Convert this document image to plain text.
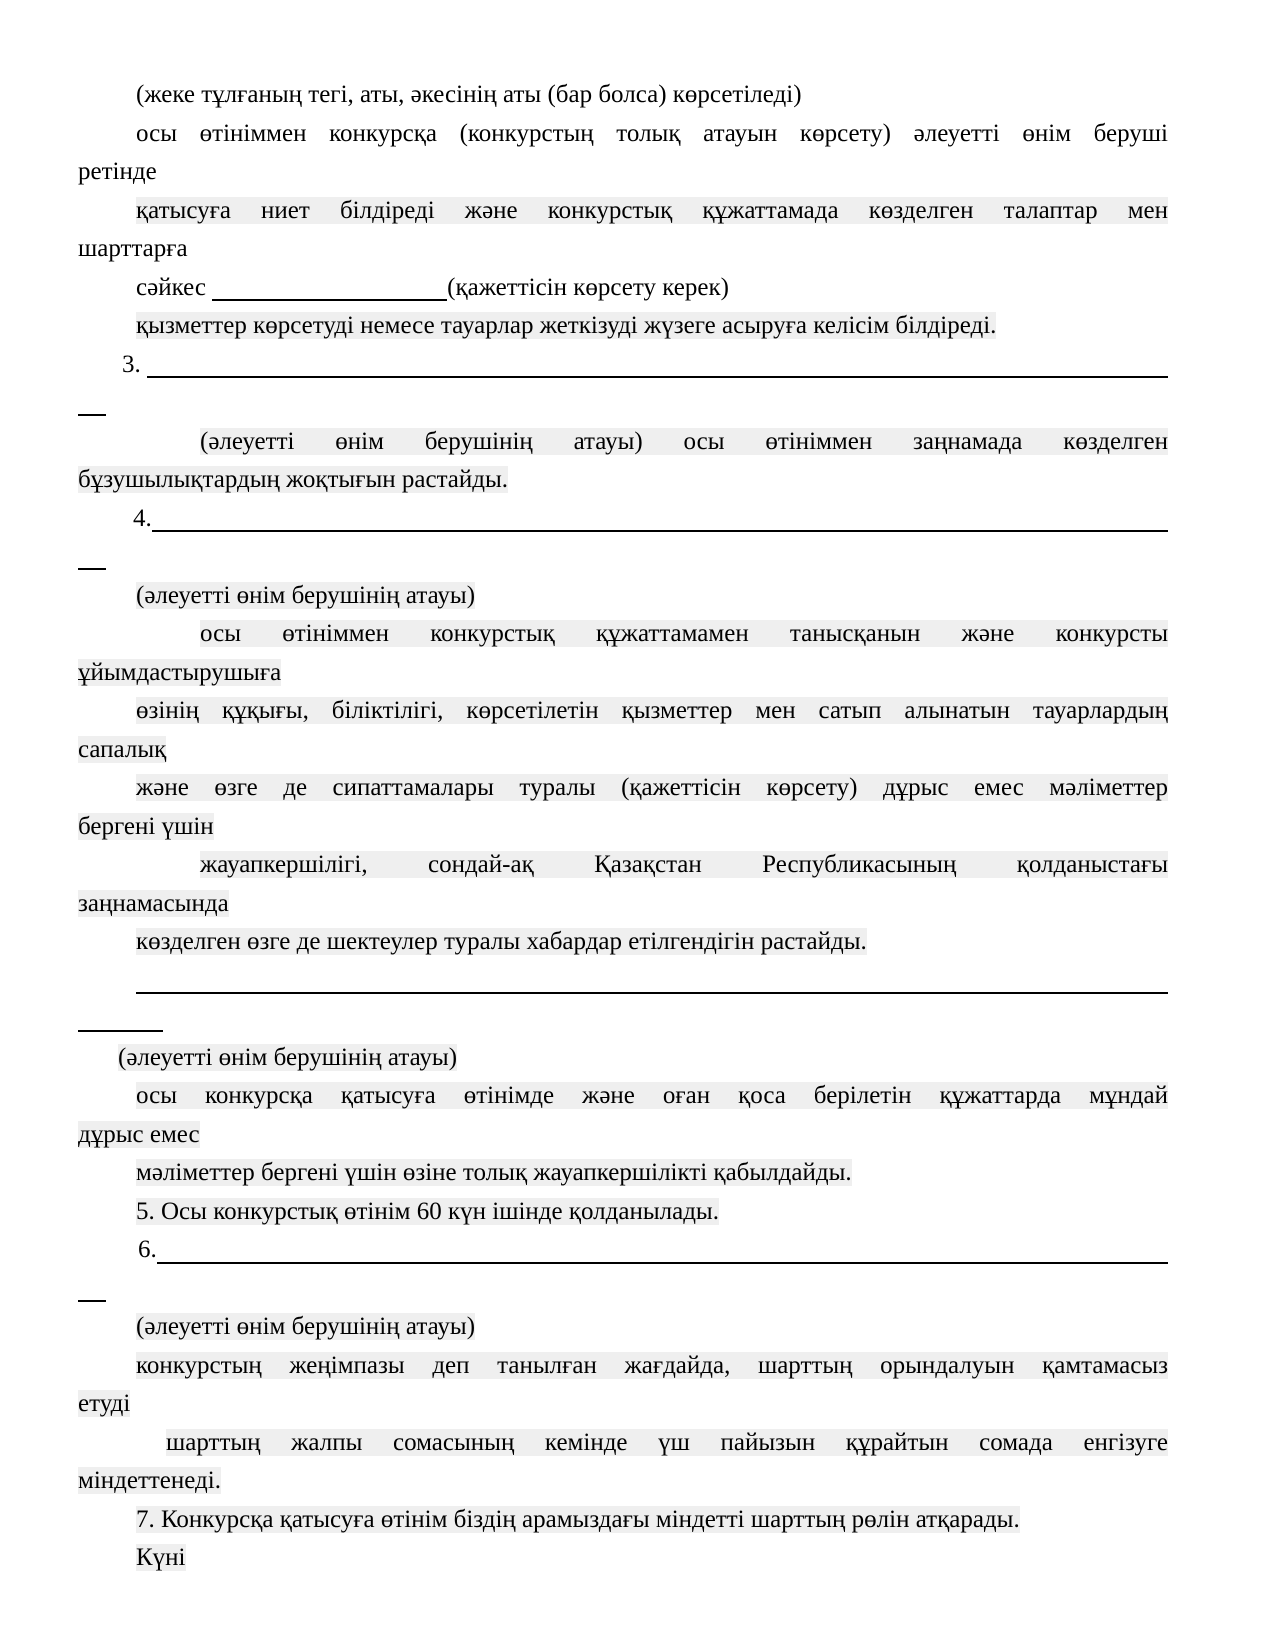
(жеке тұлғаның тегі, аты, әкесінің аты (бар болса) көрсетіледі)
осы өтініммен конкурсқа (конкурстың толық атауын көрсету) әлеуетті өнім беруші
ретінде
қатысуға ниет білдіреді және конкурстық құжаттамада көзделген талаптар мен
шарттарға
сәйкес	(қажеттісін көрсету керек)
қызметтер көрсетуді немесе тауарлар жеткізуді жүзеге асыруға келісім білдіреді.
3.
(әлеуетті өнім берушінің атауы) осы өтініммен заңнамада көзделген
бұзушылықтардың жоқтығын растайды.
4.
(әлеуетті өнім берушінің атауы)
осы өтініммен конкурстық құжаттамамен танысқанын және конкурсты
ұйымдастырушыға
өзінің құқығы, біліктілігі, көрсетілетін қызметтер мен сатып алынатын тауарлардың
сапалық
және өзге де сипаттамалары туралы (қажеттісін көрсету) дұрыс емес мәліметтер
бергені үшін
жауапкершілігі, сондай-ақ Қазақстан Республикасының қолданыстағы
заңнамасында
көзделген өзге де шектеулер туралы хабардар етілгендігін растайды.
(әлеуетті өнім берушінің атауы)
осы конкурсқа қатысуға өтінімде және оған қоса берілетін құжаттарда мұндай
дұрыс емес
мәліметтер бергені үшін өзіне толық жауапкершілікті қабылдайды.
5. Осы конкурстық өтінім 60 күн ішінде қолданылады.
6.
(әлеуетті өнім берушінің атауы)
конкурстың жеңімпазы деп танылған жағдайда, шарттың орындалуын қамтамасыз
етуді
шарттың жалпы сомасының кемінде үш пайызын құрайтын сомада енгізуге
міндеттенеді.
7. Конкурсқа қатысуға өтінім біздің арамыздағы міндетті шарттың рөлін атқарады.
Күні
